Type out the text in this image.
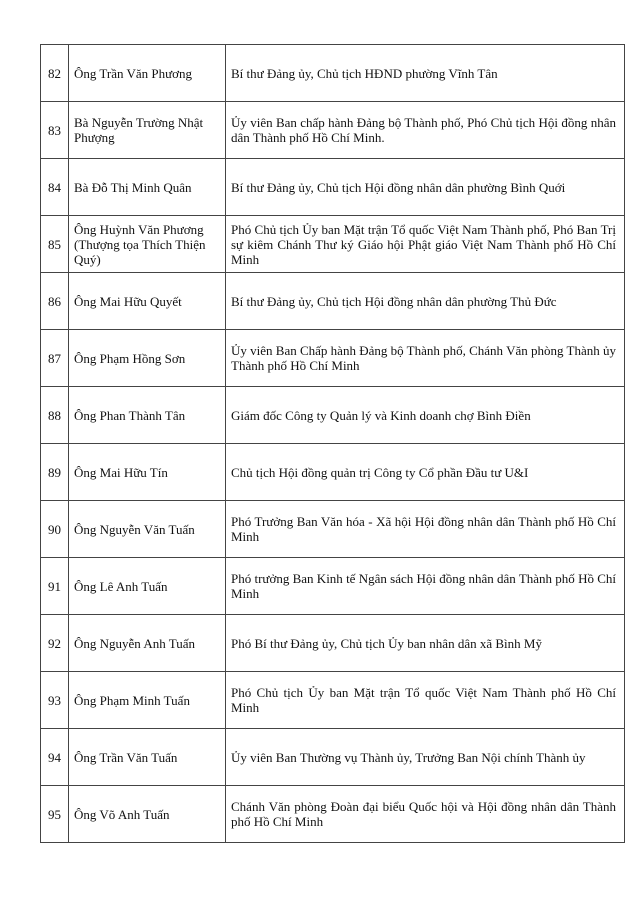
82	Ông Trần Văn Phương	Bí thư Đảng ủy, Chủ tịch HĐND phường Vĩnh Tân
83	Bà Nguyễn Trường Nhật Phượng	Ủy viên Ban chấp hành Đảng bộ Thành phố, Phó Chủ tịch Hội đồng nhân dân Thành phố Hồ Chí Minh.
84	Bà Đỗ Thị Minh Quân	Bí thư Đảng ủy, Chủ tịch Hội đồng nhân dân phường Bình Quới
85	Ông Huỳnh Văn Phương (Thượng tọa Thích Thiện Quý)	Phó Chủ tịch Ủy ban Mặt trận Tổ quốc Việt Nam Thành phố, Phó Ban Trị sự kiêm Chánh Thư ký Giáo hội Phật giáo Việt Nam Thành phố Hồ Chí Minh
86	Ông Mai Hữu Quyết	Bí thư Đảng ủy, Chủ tịch Hội đồng nhân dân phường Thủ Đức
87	Ông Phạm Hồng Sơn	Ủy viên Ban Chấp hành Đảng bộ Thành phố, Chánh Văn phòng Thành ủy Thành phố Hồ Chí Minh
88	Ông Phan Thành Tân	Giám đốc Công ty Quản lý và Kinh doanh chợ Bình Điền
89	Ông Mai Hữu Tín	Chủ tịch Hội đồng quản trị Công ty Cổ phần Đầu tư U&I
90	Ông Nguyễn Văn Tuấn	Phó Trưởng Ban Văn hóa - Xã hội Hội đồng nhân dân Thành phố Hồ Chí Minh
91	Ông Lê Anh Tuấn	Phó trưởng Ban Kinh tế Ngân sách Hội đồng nhân dân Thành phố Hồ Chí Minh
92	Ông Nguyễn Anh Tuấn	Phó Bí thư Đảng ủy, Chủ tịch Ủy ban nhân dân xã Bình Mỹ
93	Ông Phạm Minh Tuấn	Phó Chủ tịch Ủy ban Mặt trận Tổ quốc Việt Nam Thành phố Hồ Chí Minh
94	Ông Trần Văn Tuấn	Ủy viên Ban Thường vụ Thành ủy, Trưởng Ban Nội chính Thành ủy
95	Ông Võ Anh Tuấn	Chánh Văn phòng Đoàn đại biểu Quốc hội và Hội đồng nhân dân Thành phố Hồ Chí Minh
